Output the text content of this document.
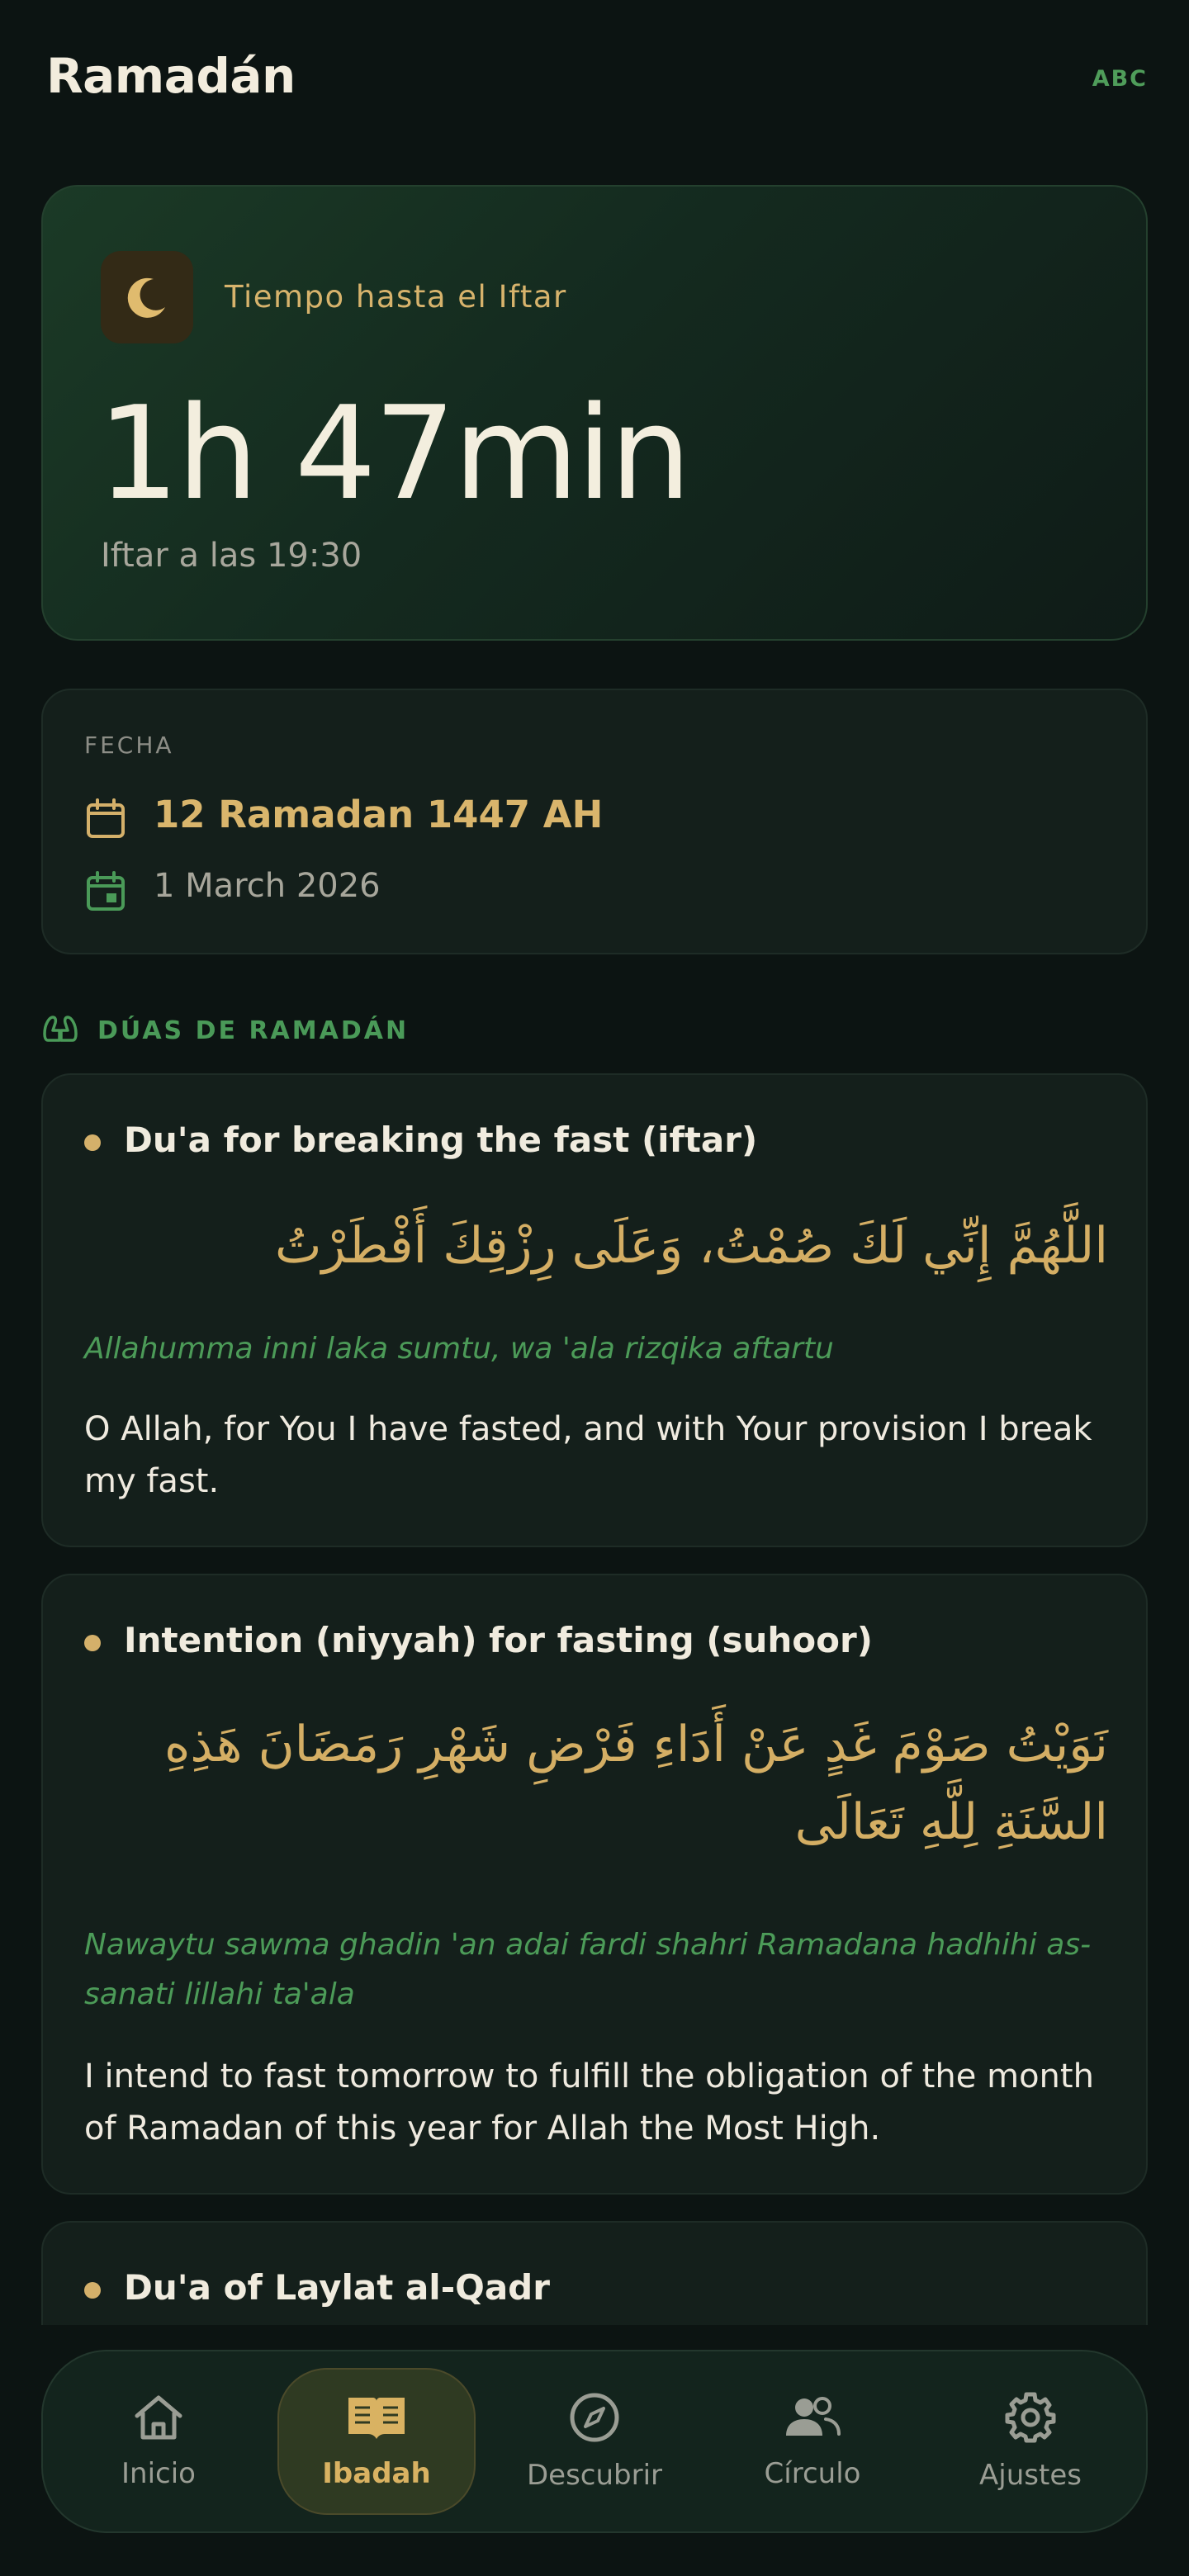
Ramadán	ABC
Tiempo hasta el Iftar
1h 47min
Iftar a las 19:30
FECHA
12 Ramadan 1447 AH
1 March 2026
DÚAS DE RAMADÁN
Du'a for breaking the fast (iftar)
اللَّهُمَّ إِنِّي لَكَ صُمْتُ، وَعَلَى رِزْقِكَ أَفْطَرْتُ
Allahumma inni laka sumtu, wa 'ala rizqika aftartu
O Allah, for You I have fasted, and with Your provision I break my fast.
Intention (niyyah) for fasting (suhoor)
نَوَيْتُ صَوْمَ غَدٍ عَنْ أَدَاءِ فَرْضِ شَهْرِ رَمَضَانَ هَذِهِ السَّنَةِ لِلَّهِ تَعَالَى
Nawaytu sawma ghadin 'an adai fardi shahri Ramadana hadhihi as-sanati lillahi ta'ala
I intend to fast tomorrow to fulfill the obligation of the month of Ramadan of this year for Allah the Most High.
Du'a of Laylat al-Qadr
Inicio	Ibadah	Descubrir	Círculo	Ajustes
